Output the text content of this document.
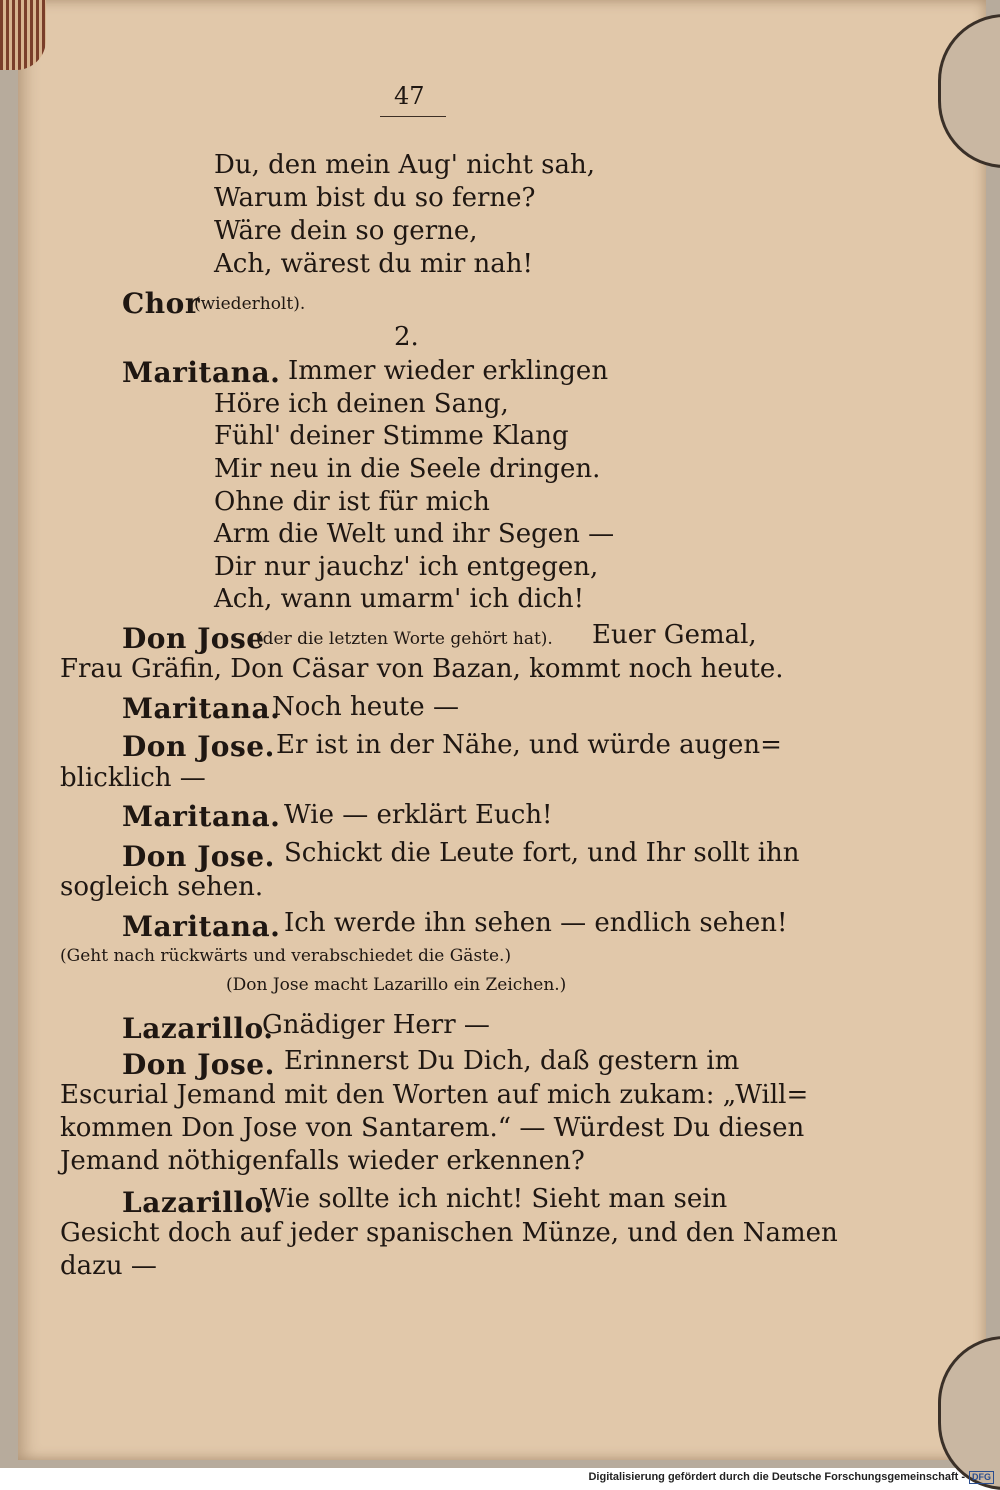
47
Du, den mein Aug' nicht sah,
Warum bist du so ferne?
Wäre dein so gerne,
Ach, wärest du mir nah!
Chor
(wiederholt).
2.
Maritana. Immer wieder erklingen
Höre ich deinen Sang,
Fühl' deiner Stimme Klang
Mir neu in die Seele dringen.
Ohne dir ist für mich
Arm die Welt und ihr Segen —
Dir nur jauchz' ich entgegen,
Ach, wann umarm' ich dich!
Don Jose
(der die letzten Worte gehört hat). Euer Gemal,
Frau Gräfin, Don Cäsar von Bazan, kommt noch heute.
Maritana.
Noch heute —
Don Jose. Er ist in der Nähe, und würde augen=
blicklich —
Maritana. Wie — erklärt Euch!
Don Jose. Schickt die Leute fort, und Ihr sollt ihn
sogleich sehen.
Maritana. Ich werde ihn sehen — endlich sehen!
(Geht nach rückwärts und verabschiedet die Gäste.)
(Don Jose macht Lazarillo ein Zeichen.)
Lazarillo.
Gnädiger Herr —
Don Jose. Erinnerst Du Dich, daß gestern im
Escurial Jemand mit den Worten auf mich zukam: „Will=
kommen Don Jose von Santarem.“ — Würdest Du diesen
Jemand nöthigenfalls wieder erkennen?
Lazarillo.
Wie sollte ich nicht! Sieht man sein
Gesicht doch auf jeder spanischen Münze, und den Namen
dazu —
Digitalisierung gefördert durch die Deutsche Forschungsgemeinschaft - DFG
